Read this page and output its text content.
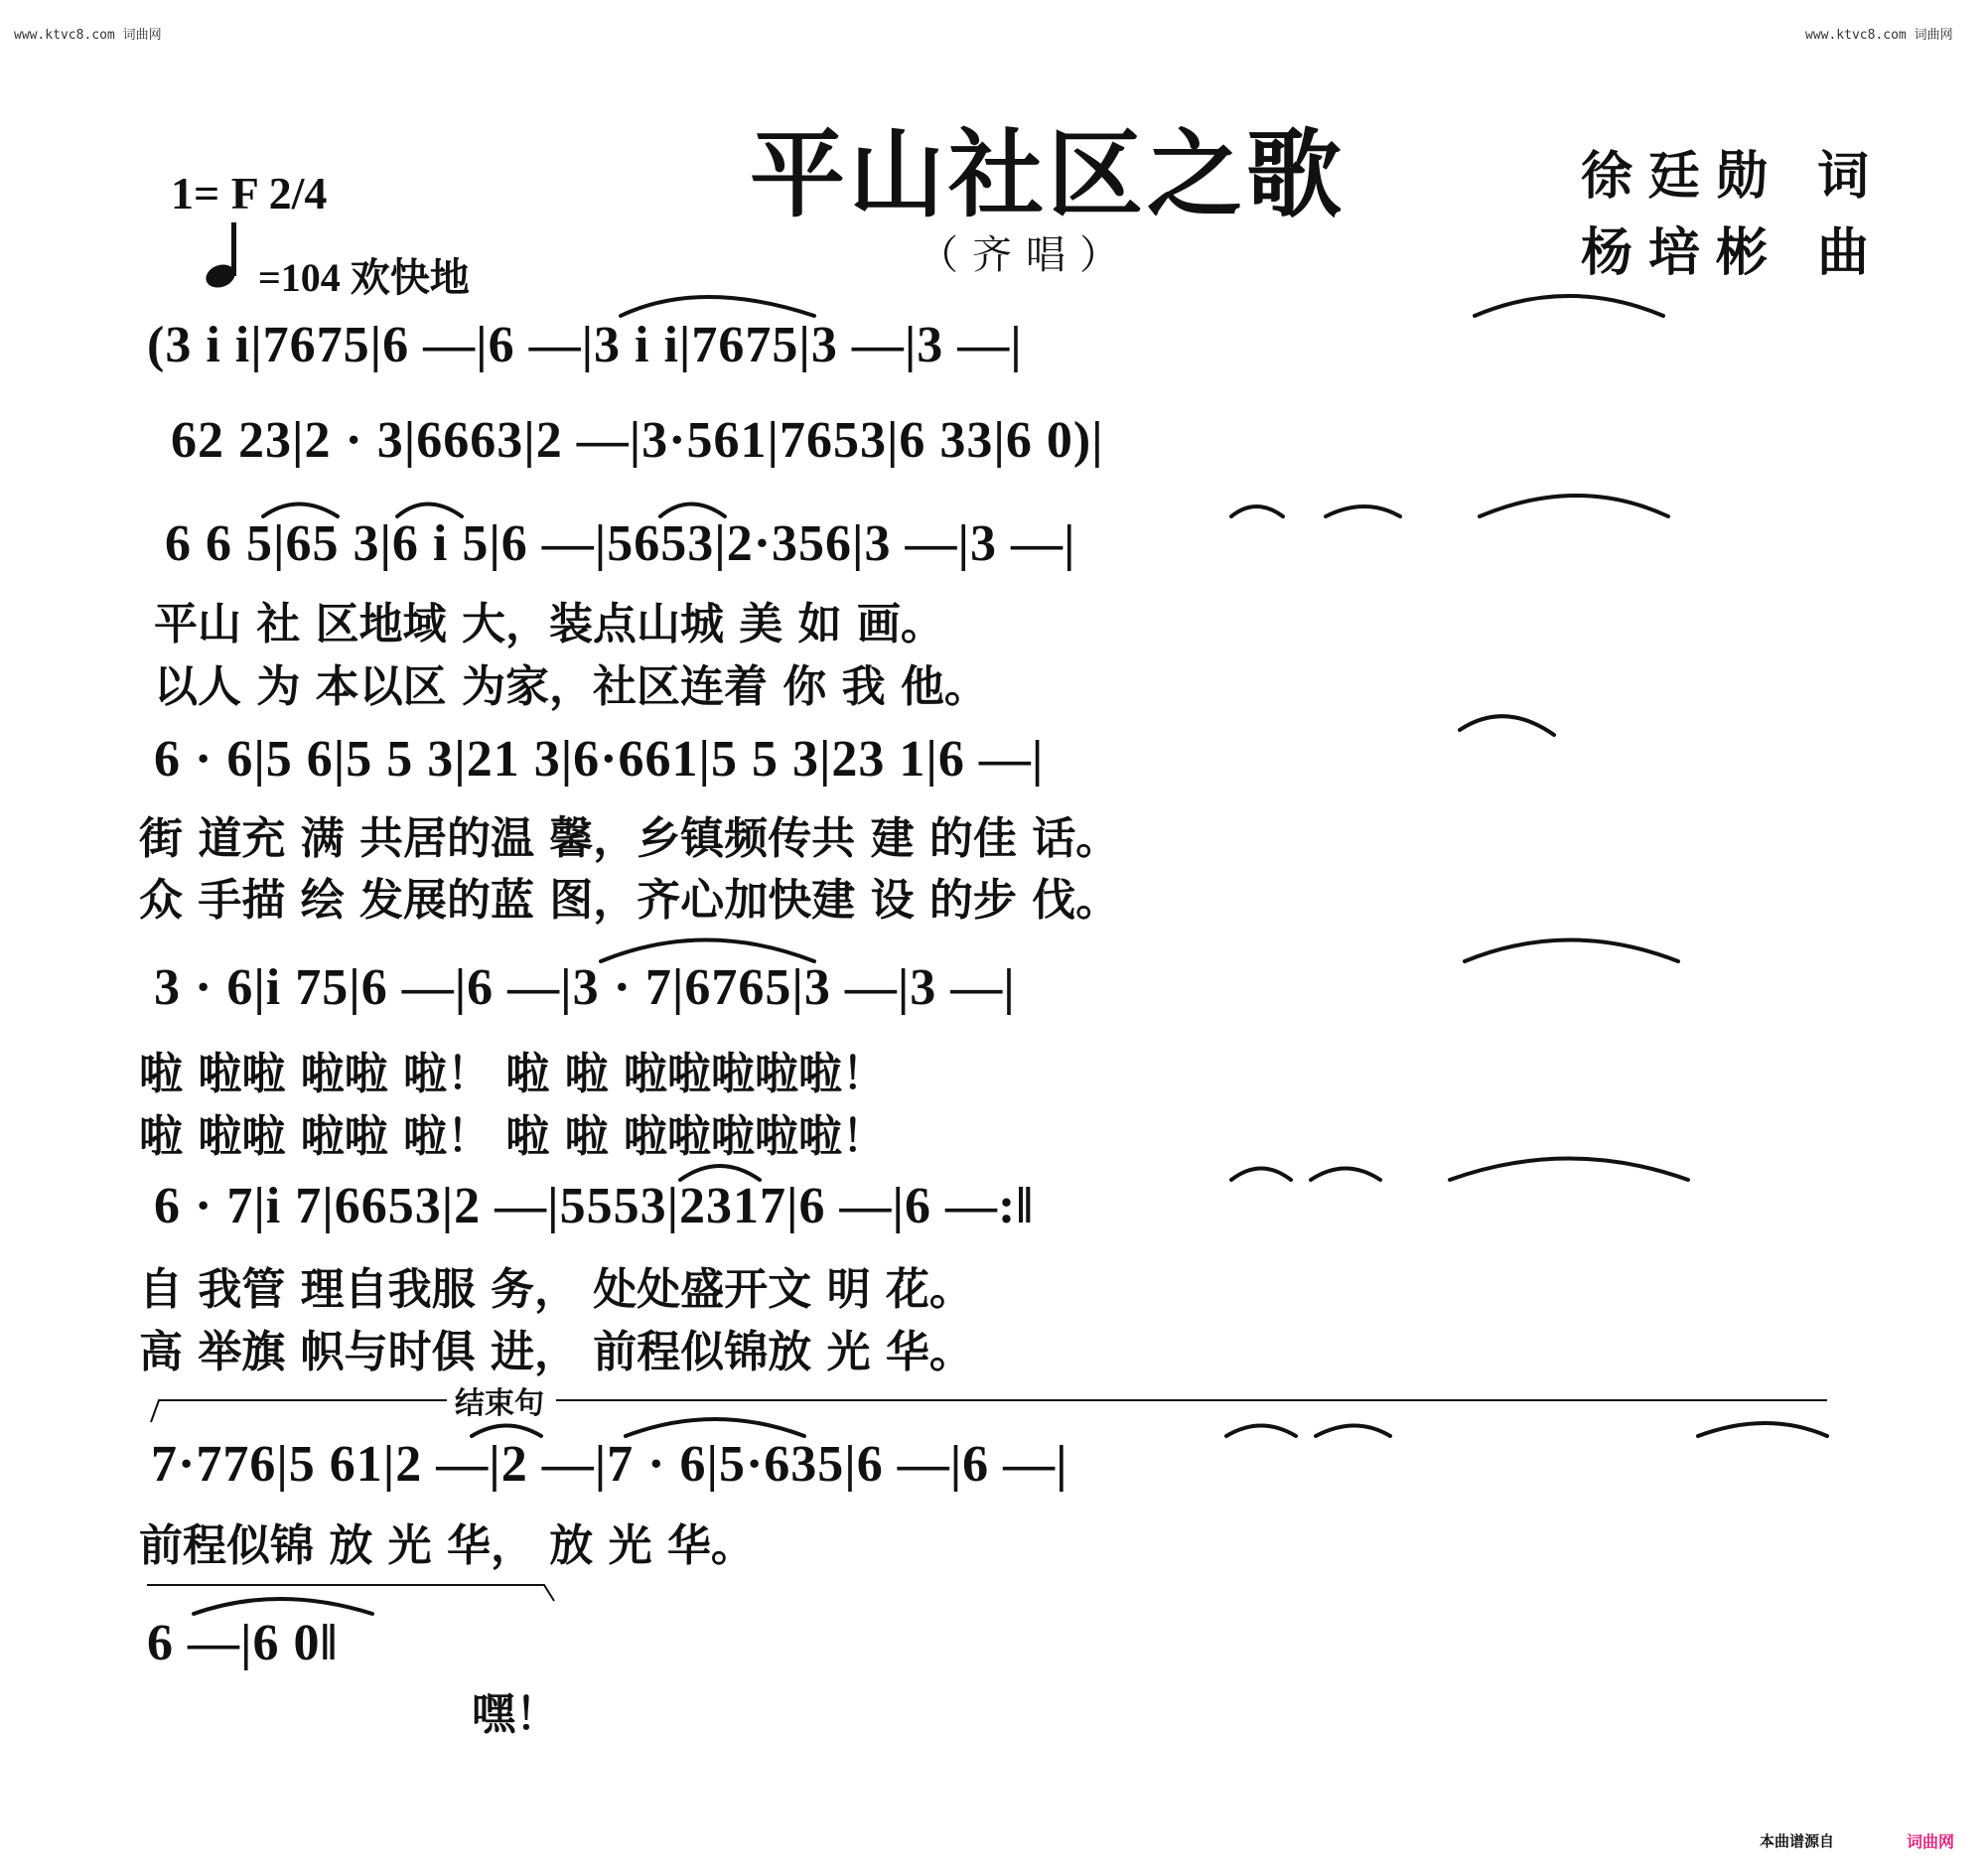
www.ktvc8.com 词曲网	www.ktvc8.com 词曲网
平山社区之歌
（齐唱）
徐廷勋 词
杨培彬 曲
1= F 2/4
=104 欢快地
(3 i i|7675|6 —|6 —|3 i i|7675|3 —|3 —|
62 23|2 · 3|6663|2 —|3·561|7653|6 33|6 0)|
6 6 5|65 3|6 i 5|6 —|5653|2·356|3 —|3 —|
平山 社 区地域 大，装点山城 美 如 画。
以人 为 本以区 为家，社区连着 你 我 他。
6 · 6|5 6|5 5 3|21 3|6·661|5 5 3|23 1|6 —|
街 道充 满 共居的温 馨，乡镇频传共 建 的佳 话。
众 手描 绘 发展的蓝 图，齐心加快建 设 的步 伐。
3 · 6|i 75|6 —|6 —|3 · 7|6765|3 —|3 —|
啦 啦啦 啦啦 啦！ 啦 啦 啦啦啦啦啦！
啦 啦啦 啦啦 啦！ 啦 啦 啦啦啦啦啦！
6 · 7|i 7|6653|2 —|5553|2317|6 —|6 —:‖
自 我管 理自我服 务， 处处盛开文 明 花。
高 举旗 帜与时俱 进， 前程似锦放 光 华。
结束句
7·776|5 61|2 —|2 —|7 · 6|5·635|6 —|6 —|
前程似锦 放 光 华， 放 光 华。
6 —|6 0‖
嘿！
本曲谱源自	词曲网
